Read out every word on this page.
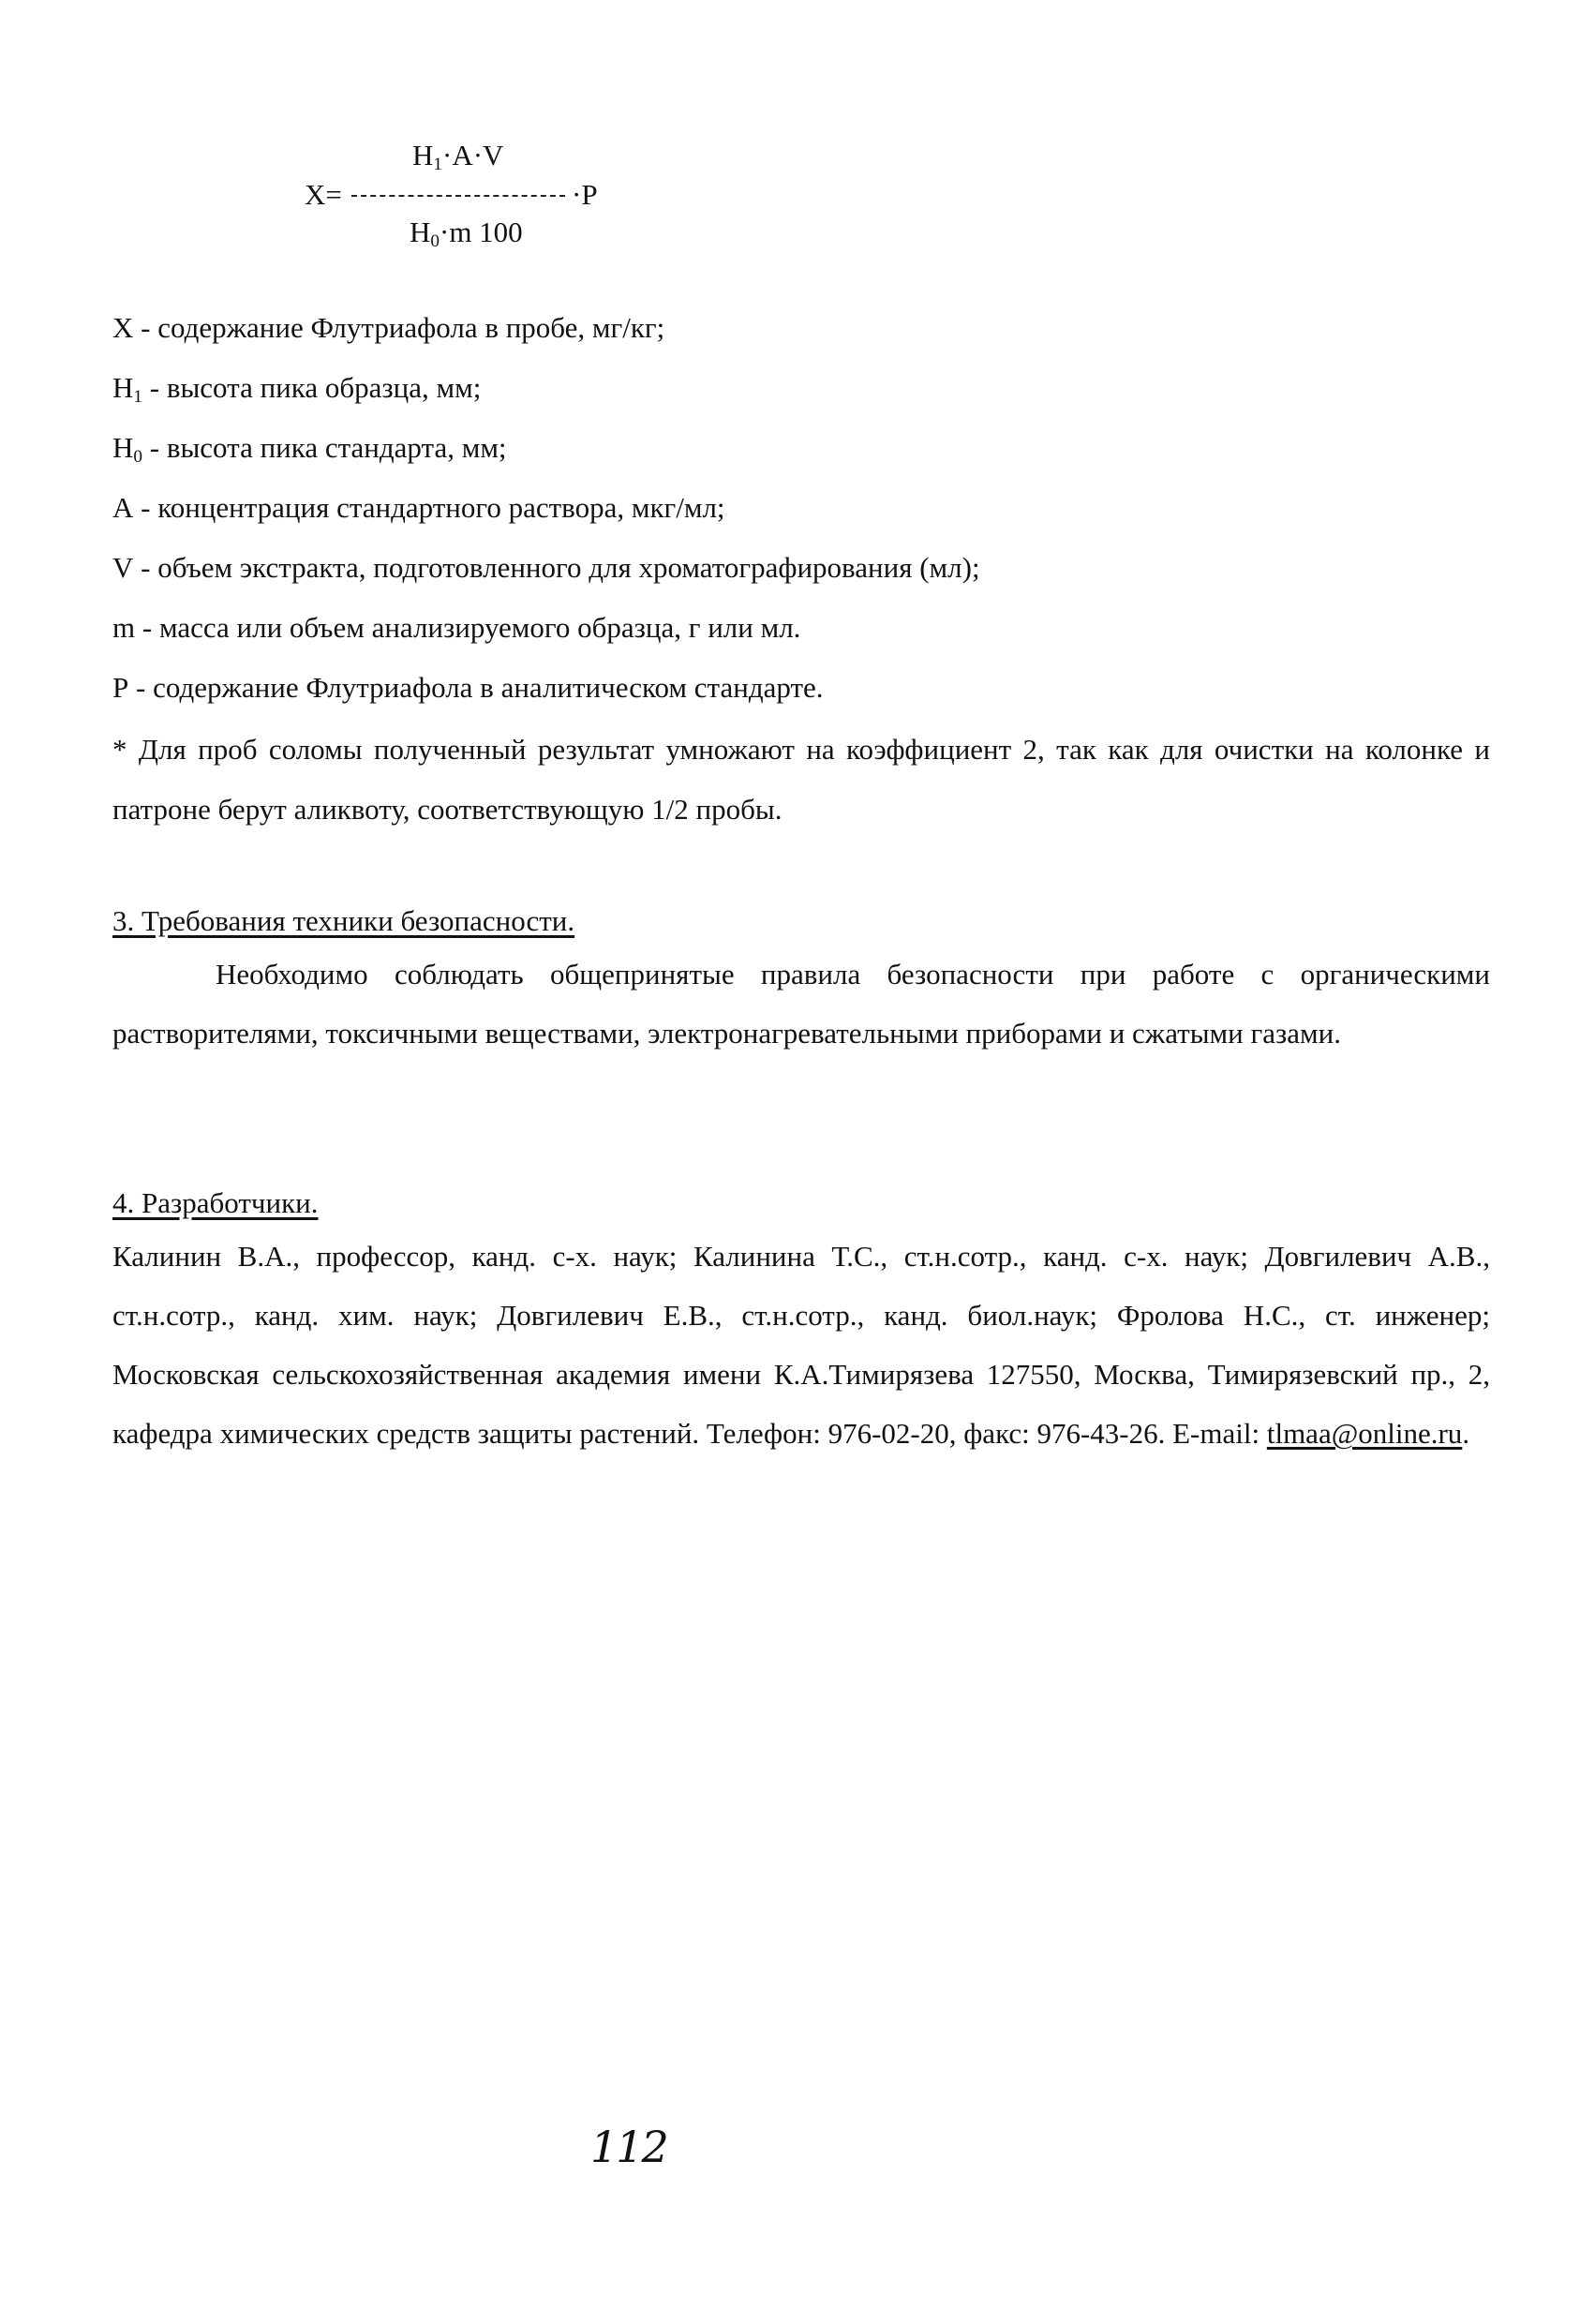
X=
$H_1\cdot A\cdot V$
·P
$H_0\cdot m$ 100
X - содержание Флутриафола в пробе, мг/кг;
$H_1$ - высота пика образца, мм;
$H_0$ - высота пика стандарта, мм;
A - концентрация стандартного раствора, мкг/мл;
V - объем экстракта, подготовленного для хроматографирования (мл);
m - масса или объем анализируемого образца, г или мл.
P - содержание Флутриафола в аналитическом стандарте.
* Для проб соломы полученный результат умножают на коэффициент 2, так как для очистки на колонке и патроне берут аликвоту, соответствующую 1/2 пробы.
3. Требования техники безопасности.
Необходимо соблюдать общепринятые правила безопасности при работе с органическими растворителями, токсичными веществами, электронагревательными приборами и сжатыми газами.
4. Разработчики.
Калинин В.А., профессор, канд. с-х. наук; Калинина Т.С., ст.н.сотр., канд. с-х. наук; Довгилевич А.В., ст.н.сотр., канд. хим. наук; Довгилевич Е.В., ст.н.сотр., канд. биол.наук; Фролова Н.С., ст. инженер; Московская сельскохозяйственная академия имени К.А.Тимирязева 127550, Москва, Тимирязевский пр., 2, кафедра химических средств защиты растений. Телефон: 976-02-20, факс: 976-43-26. E-mail: tlmaa@online.ru.
112
